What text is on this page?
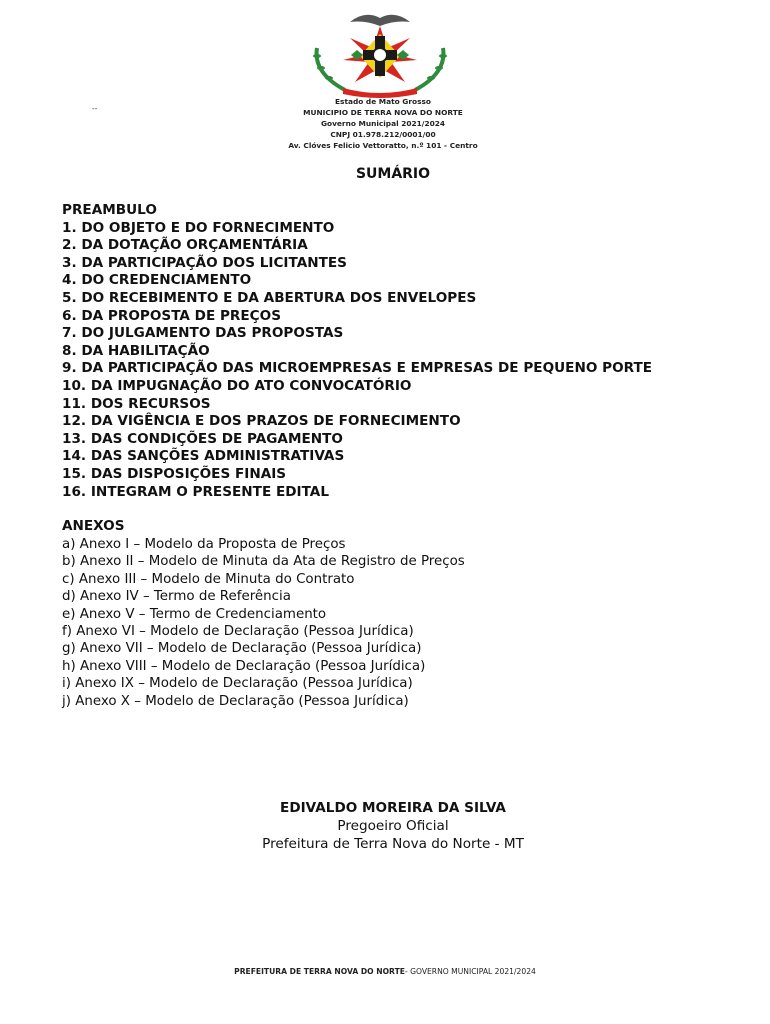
--
Estado de Mato Grosso
MUNICIPIO DE TERRA NOVA DO NORTE
Governo Municipal 2021/2024
CNPJ 01.978.212/0001/00
Av. Clóves Felicio Vettoratto, n.º 101 - Centro
SUMÁRIO
PREAMBULO
1. DO OBJETO E DO FORNECIMENTO
2. DA DOTAÇÃO ORÇAMENTÁRIA
3. DA PARTICIPAÇÃO DOS LICITANTES
4. DO CREDENCIAMENTO
5. DO RECEBIMENTO E DA ABERTURA DOS ENVELOPES
6. DA PROPOSTA DE PREÇOS
7. DO JULGAMENTO DAS PROPOSTAS
8. DA HABILITAÇÃO
9. DA PARTICIPAÇÃO DAS MICROEMPRESAS E EMPRESAS DE PEQUENO PORTE
10. DA IMPUGNAÇÃO DO ATO CONVOCATÓRIO
11. DOS RECURSOS
12. DA VIGÊNCIA E DOS PRAZOS DE FORNECIMENTO
13. DAS CONDIÇÕES DE PAGAMENTO
14. DAS SANÇÕES ADMINISTRATIVAS
15. DAS DISPOSIÇÕES FINAIS
16. INTEGRAM O PRESENTE EDITAL
ANEXOS
a) Anexo I – Modelo da Proposta de Preços
b) Anexo II – Modelo de Minuta da Ata de Registro de Preços
c) Anexo III – Modelo de Minuta do Contrato
d) Anexo IV – Termo de Referência
e) Anexo V – Termo de Credenciamento
f) Anexo VI – Modelo de Declaração (Pessoa Jurídica)
g) Anexo VII – Modelo de Declaração (Pessoa Jurídica)
h) Anexo VIII – Modelo de Declaração (Pessoa Jurídica)
i) Anexo IX – Modelo de Declaração (Pessoa Jurídica)
j) Anexo X – Modelo de Declaração (Pessoa Jurídica)
EDIVALDO MOREIRA DA SILVA
Pregoeiro Oficial
Prefeitura de Terra Nova do Norte - MT
PREFEITURA DE TERRA NOVA DO NORTE- GOVERNO MUNICIPAL 2021/2024
